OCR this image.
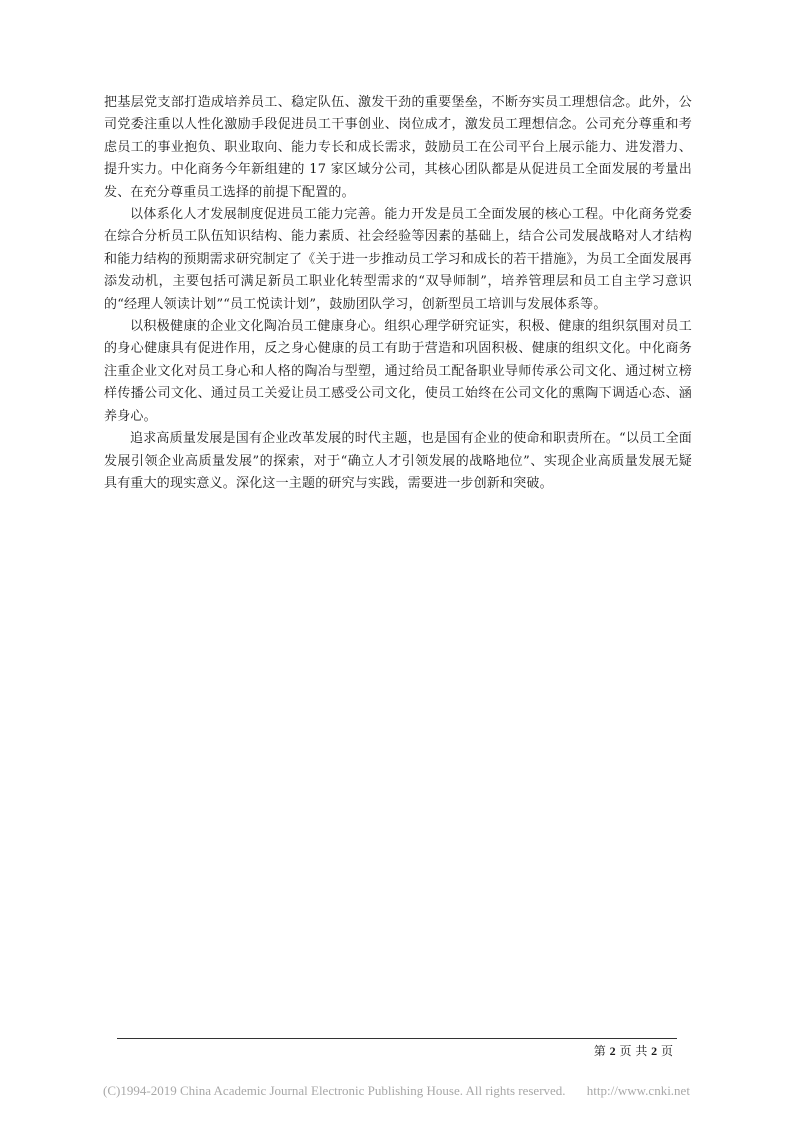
把基层党支部打造成培养员工、稳定队伍、激发干劲的重要堡垒，不断夯实员工理想信念。此外，公司党委注重以人性化激励手段促进员工干事创业、岗位成才，激发员工理想信念。公司充分尊重和考虑员工的事业抱负、职业取向、能力专长和成长需求，鼓励员工在公司平台上展示能力、进发潜力、提升实力。中化商务今年新组建的 17 家区域分公司，其核心团队都是从促进员工全面发展的考量出发、在充分尊重员工选择的前提下配置的。

以体系化人才发展制度促进员工能力完善。能力开发是员工全面发展的核心工程。中化商务党委在综合分析员工队伍知识结构、能力素质、社会经验等因素的基础上，结合公司发展战略对人才结构和能力结构的预期需求研究制定了《关于进一步推动员工学习和成长的若干措施》，为员工全面发展再添发动机，主要包括可满足新员工职业化转型需求的“双导师制”，培养管理层和员工自主学习意识的“经理人领读计划”“员工悦读计划”，鼓励团队学习，创新型员工培训与发展体系等。

以积极健康的企业文化陶冶员工健康身心。组织心理学研究证实，积极、健康的组织氛围对员工的身心健康具有促进作用，反之身心健康的员工有助于营造和巩固积极、健康的组织文化。中化商务注重企业文化对员工身心和人格的陶冶与型塑，通过给员工配备职业导师传承公司文化、通过树立榜样传播公司文化、通过员工关爱让员工感受公司文化，使员工始终在公司文化的熏陶下调适心态、涵养身心。

追求高质量发展是国有企业改革发展的时代主题，也是国有企业的使命和职责所在。“以员工全面发展引领企业高质量发展”的探索，对于“确立人才引领发展的战略地位”、实现企业高质量发展无疑具有重大的现实意义。深化这一主题的研究与实践，需要进一步创新和突破。

第 2 页 共 2 页
(C)1994-2019 China Academic Journal Electronic Publishing House. All rights reserved. http://www.cnki.net
